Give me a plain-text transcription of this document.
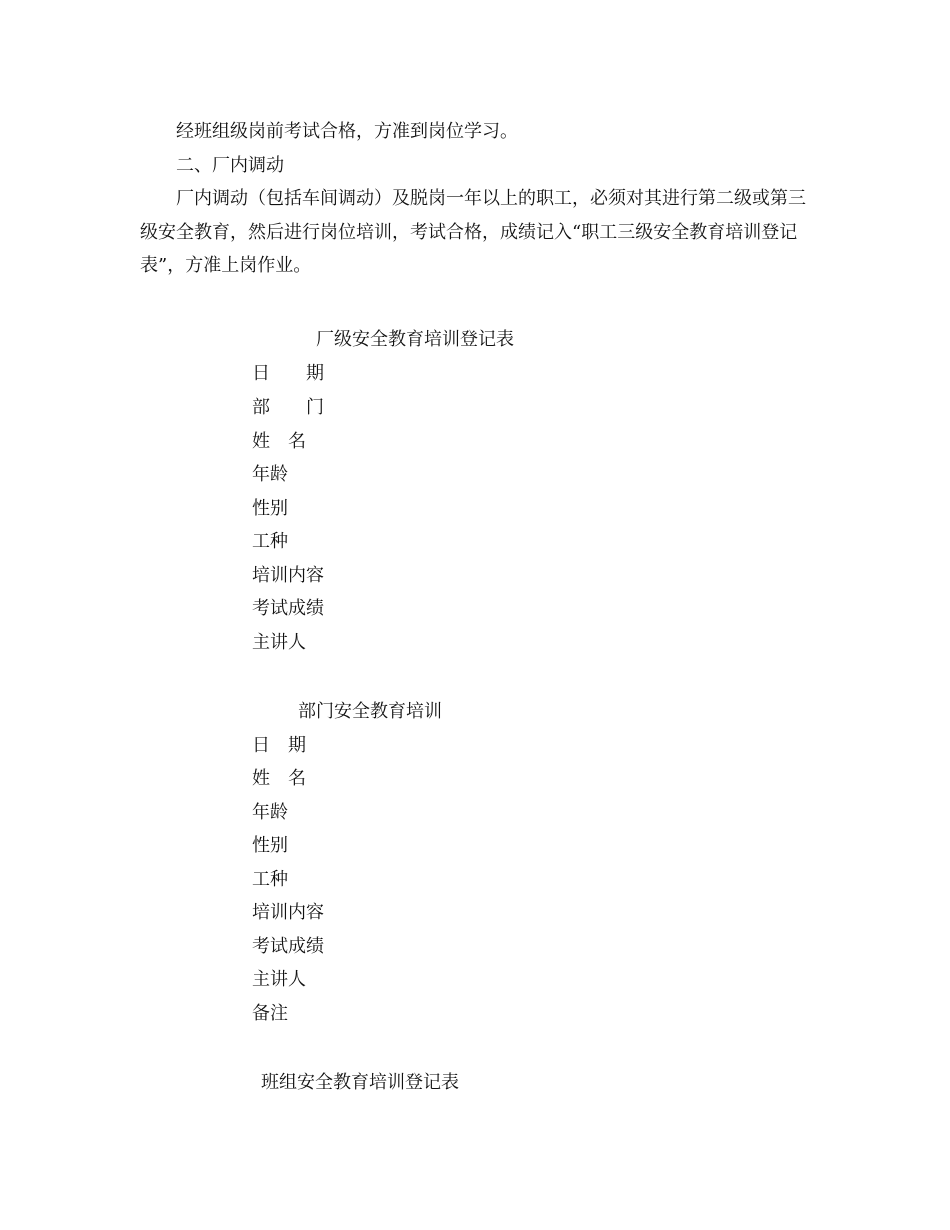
经班组级岗前考试合格，方准到岗位学习。

二、厂内调动

厂内调动（包括车间调动）及脱岗一年以上的职工，必须对其进行第二级或第三级安全教育，然后进行岗位培训，考试合格，成绩记入“职工三级安全教育培训登记表”，方准上岗作业。

厂级安全教育培训登记表
日　　期
部　　门
姓　名
年龄
性别
工种
培训内容
考试成绩
主讲人
部门安全教育培训
日　期
姓　名
年龄
性别
工种
培训内容
考试成绩
主讲人
备注
班组安全教育培训登记表
